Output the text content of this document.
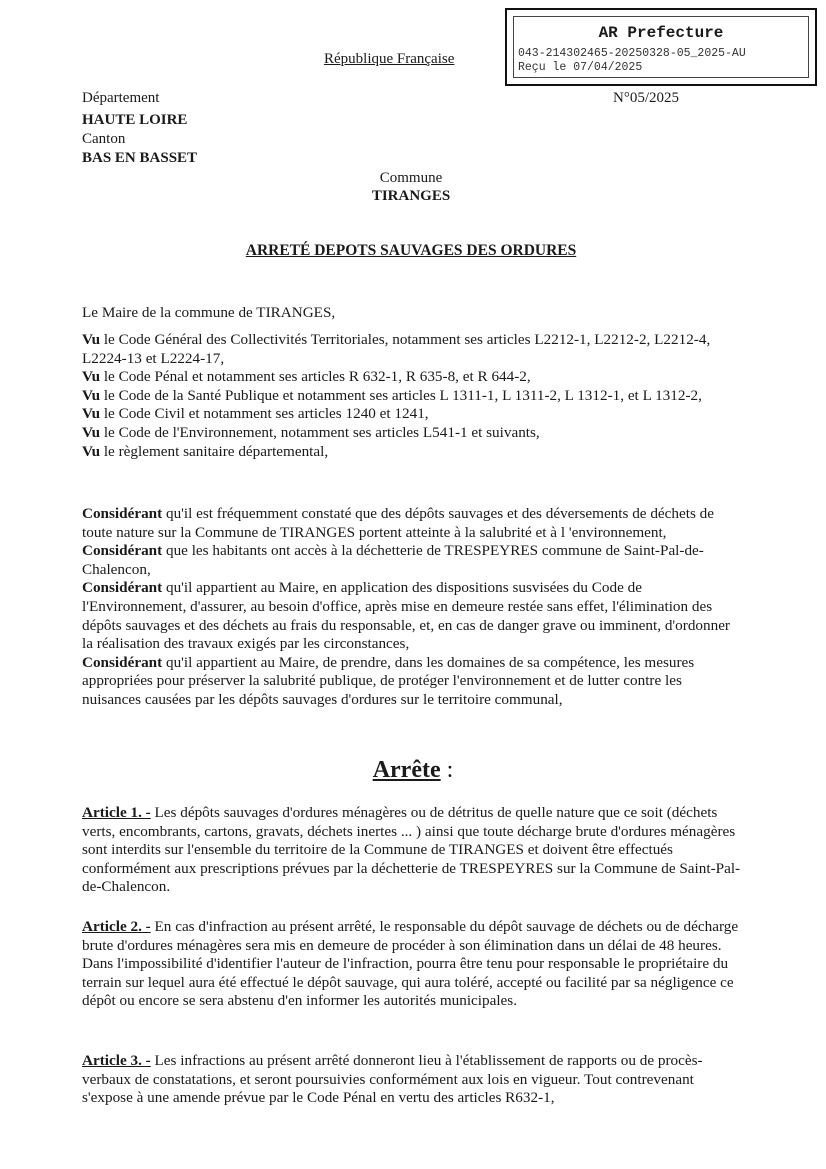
AR Prefecture
043-214302465-20250328-05_2025-AU
Reçu le 07/04/2025
République Française
N°05/2025
Département
HAUTE LOIRE
Canton
BAS EN BASSET
Commune
TIRANGES
ARRETÉ DEPOTS SAUVAGES DES ORDURES
Le Maire de la commune de TIRANGES,

Vu le Code Général des Collectivités Territoriales, notamment ses articles L2212-1, L2212-2, L2212-4, L2224-13 et L2224-17,

Vu le Code Pénal et notamment ses articles R 632-1, R 635-8, et R 644-2,

Vu le Code de la Santé Publique et notamment ses articles L 1311-1, L 1311-2, L 1312-1, et L 1312-2,

Vu le Code Civil et notamment ses articles 1240 et 1241,

Vu le Code de l'Environnement, notamment ses articles L541-1 et suivants,

Vu le règlement sanitaire départemental,

Considérant qu'il est fréquemment constaté que des dépôts sauvages et des déversements de déchets de toute nature sur la Commune de TIRANGES portent atteinte à la salubrité et à l 'environnement,

Considérant que les habitants ont accès à la déchetterie de TRESPEYRES commune de Saint-Pal-de-Chalencon,

Considérant qu'il appartient au Maire, en application des dispositions susvisées du Code de l'Environnement, d'assurer, au besoin d'office, après mise en demeure restée sans effet, l'élimination des dépôts sauvages et des déchets au frais du responsable, et, en cas de danger grave ou imminent, d'ordonner la réalisation des travaux exigés par les circonstances,

Considérant qu'il appartient au Maire, de prendre, dans les domaines de sa compétence, les mesures appropriées pour préserver la salubrité publique, de protéger l'environnement et de lutter contre les nuisances causées par les dépôts sauvages d'ordures sur le territoire communal,

Arrête :

Article 1. - Les dépôts sauvages d'ordures ménagères ou de détritus de quelle nature que ce soit (déchets verts, encombrants, cartons, gravats, déchets inertes ... ) ainsi que toute décharge brute d'ordures ménagères sont interdits sur l'ensemble du territoire de la Commune de TIRANGES et doivent être effectués conformément aux prescriptions prévues par la déchetterie de TRESPEYRES sur la Commune de Saint-Pal-de-Chalencon.

Article 2. - En cas d'infraction au présent arrêté, le responsable du dépôt sauvage de déchets ou de décharge brute d'ordures ménagères sera mis en demeure de procéder à son élimination dans un délai de 48 heures. Dans l'impossibilité d'identifier l'auteur de l'infraction, pourra être tenu pour responsable le propriétaire du terrain sur lequel aura été effectué le dépôt sauvage, qui aura toléré, accepté ou facilité par sa négligence ce dépôt ou encore se sera abstenu d'en informer les autorités municipales.

Article 3. - Les infractions au présent arrêté donneront lieu à l'établissement de rapports ou de procès-verbaux de constatations, et seront poursuivies conformément aux lois en vigueur. Tout contrevenant s'expose à une amende prévue par le Code Pénal en vertu des articles R632-1,
